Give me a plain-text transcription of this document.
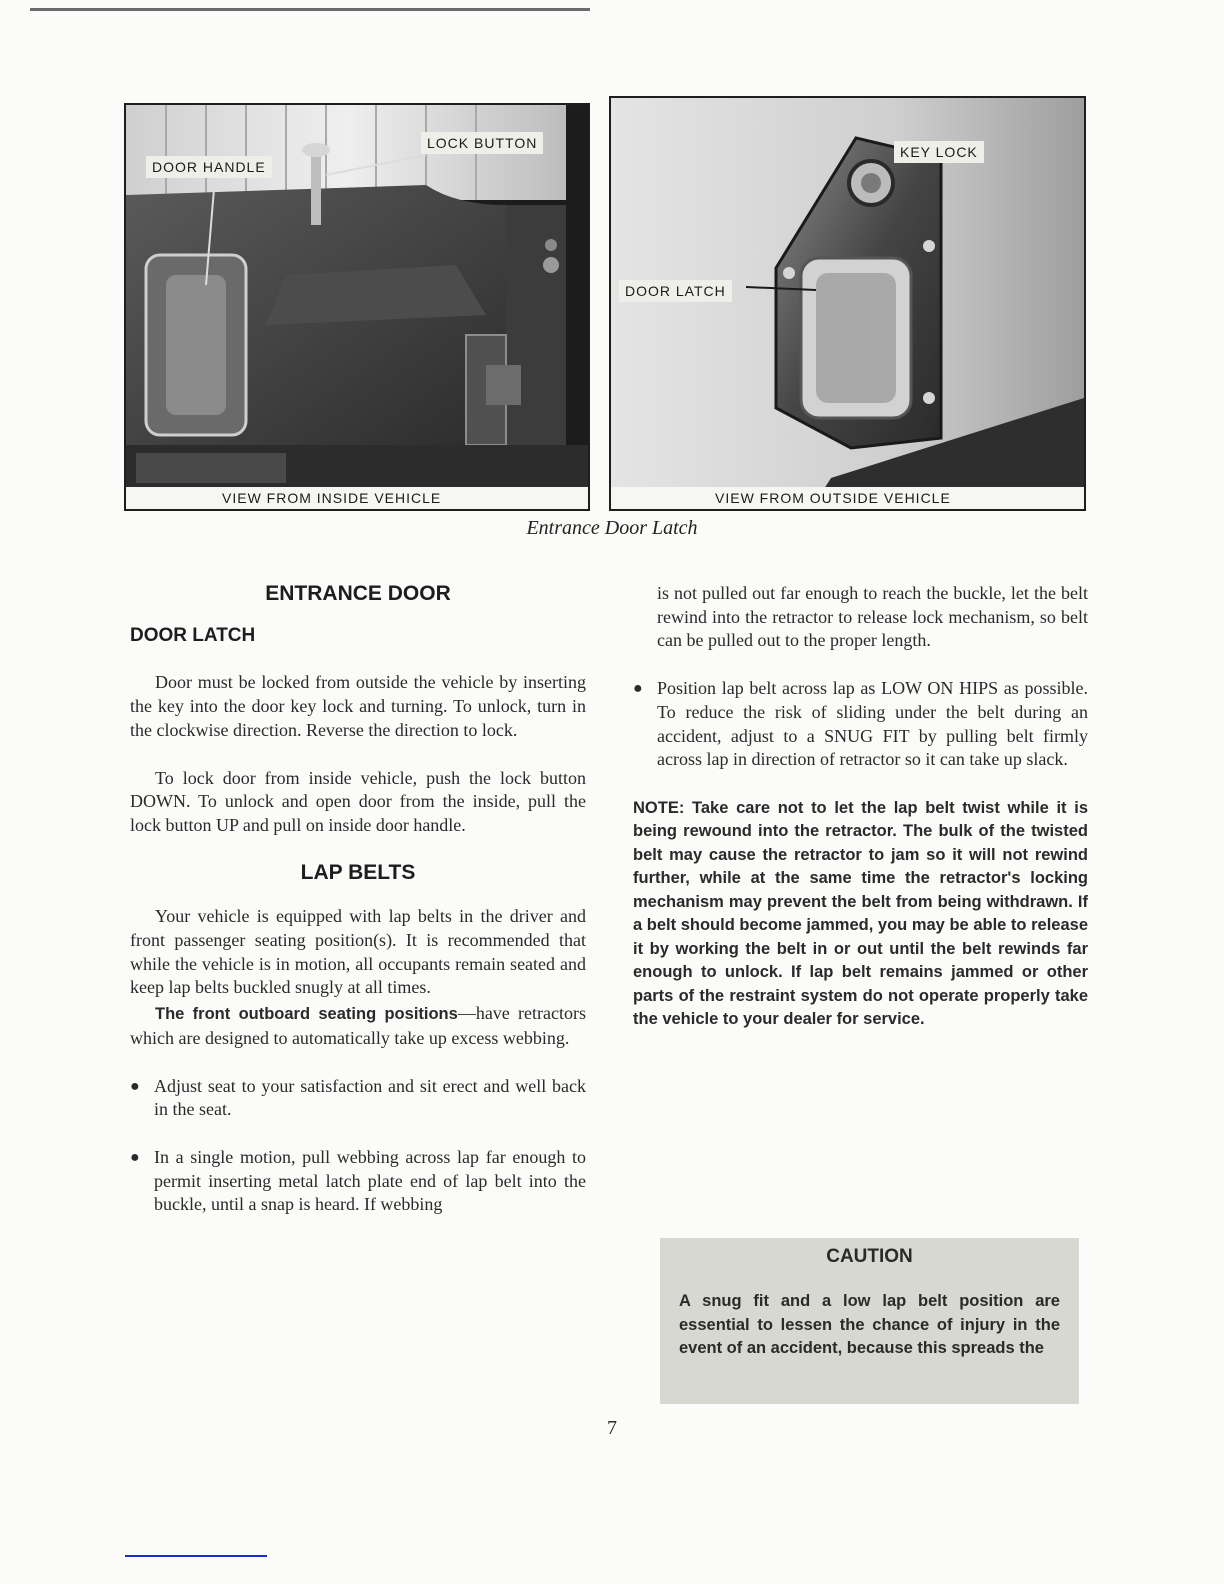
DOOR HANDLE
LOCK BUTTON
VIEW FROM INSIDE VEHICLE
KEY LOCK
DOOR LATCH
VIEW FROM OUTSIDE VEHICLE
Entrance Door Latch
ENTRANCE DOOR
DOOR LATCH

Door must be locked from outside the vehicle by inserting the key into the door key lock and turning. To unlock, turn in the clockwise direction. Reverse the direction to lock.

To lock door from inside vehicle, push the lock button DOWN. To unlock and open door from the inside, pull the lock button UP and pull on inside door handle.

LAP BELTS

Your vehicle is equipped with lap belts in the driver and front passenger seating position(s). It is recommended that while the vehicle is in motion, all occupants remain seated and keep lap belts buckled snugly at all times.

The front outboard seating positions—have retractors which are designed to automatically take up excess webbing.

● Adjust seat to your satisfaction and sit erect and well back in the seat.
● In a single motion, pull webbing across lap far enough to permit inserting metal latch plate end of lap belt into the buckle, until a snap is heard. If webbing

is not pulled out far enough to reach the buckle, let the belt rewind into the retractor to release lock mechanism, so belt can be pulled out to the proper length.

● Position lap belt across lap as LOW ON HIPS as possible. To reduce the risk of sliding under the belt during an accident, adjust to a SNUG FIT by pulling belt firmly across lap in direction of retractor so it can take up slack.

NOTE: Take care not to let the lap belt twist while it is being rewound into the retractor. The bulk of the twisted belt may cause the retractor to jam so it will not rewind further, while at the same time the retractor's locking mechanism may prevent the belt from being withdrawn. If a belt should become jammed, you may be able to release it by working the belt in or out until the belt rewinds far enough to unlock. If lap belt remains jammed or other parts of the restraint system do not operate properly take the vehicle to your dealer for service.

CAUTION
A snug fit and a low lap belt position are essential to lessen the chance of injury in the event of an accident, because this spreads the
7
